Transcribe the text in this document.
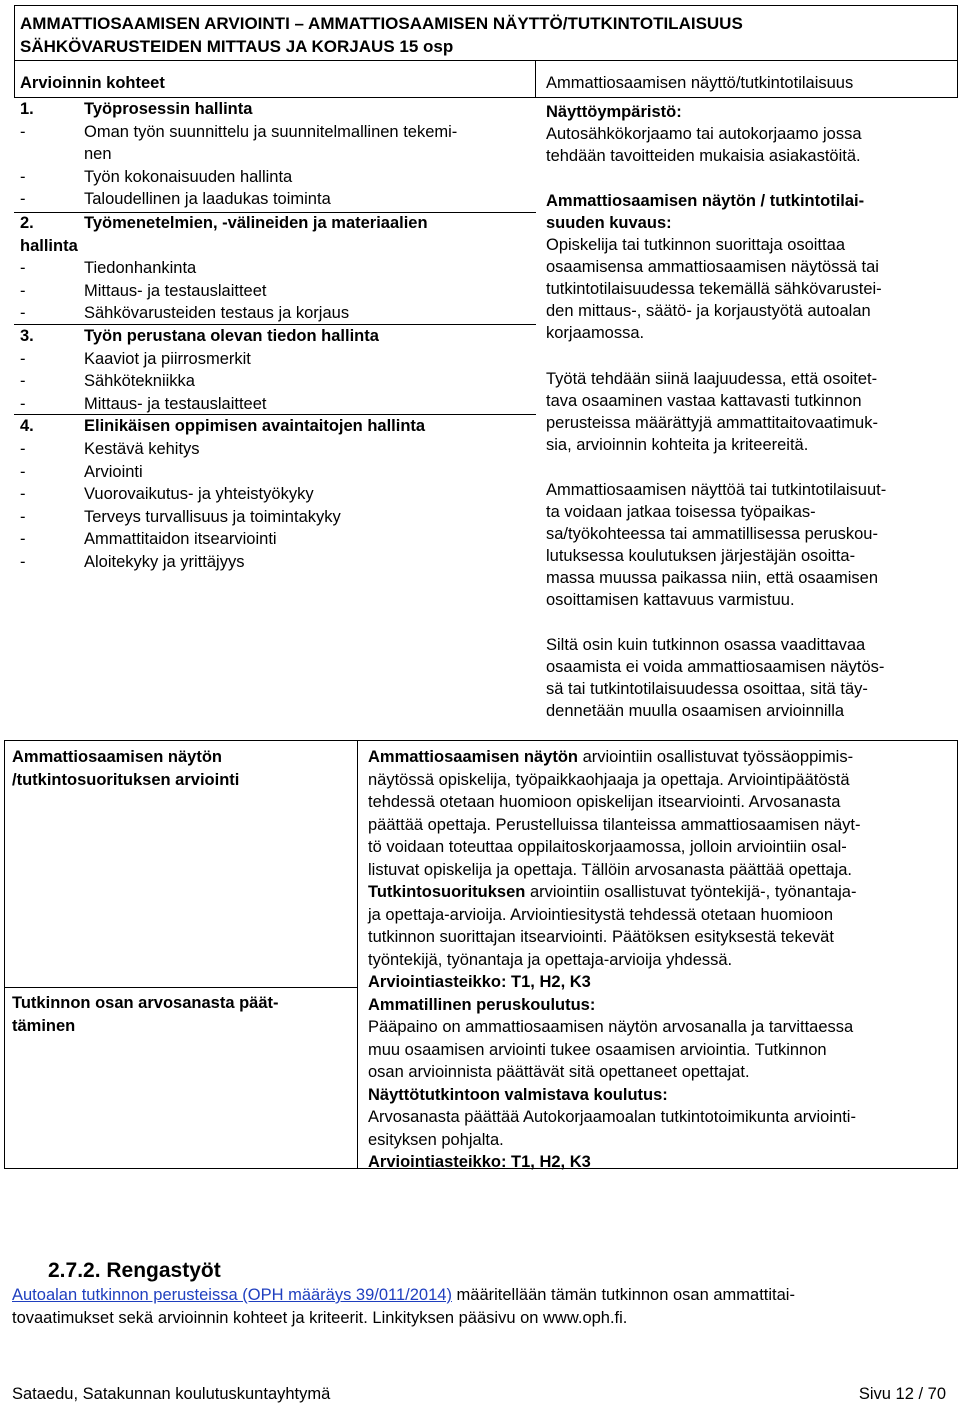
AMMATTIOSAAMISEN ARVIOINTI – AMMATTIOSAAMISEN NÄYTTÖ/TUTKINTOTILAISUUS
SÄHKÖVARUSTEIDEN MITTAUS JA KORJAUS 15 osp
Arvioinnin kohteet	Ammattiosaamisen näyttö/tutkintotilaisuus
1.	Työprosessin hallinta
-	Oman työn suunnittelu ja suunnitelmallinen tekemi-
nen
-	Työn kokonaisuuden hallinta
-	Taloudellinen ja laadukas toiminta
2.	Työmenetelmien, -välineiden ja materiaalien
hallinta
-	Tiedonhankinta
-	Mittaus- ja testauslaitteet
-	Sähkövarusteiden testaus ja korjaus
3.	Työn perustana olevan tiedon hallinta
-	Kaaviot ja piirrosmerkit
-	Sähkötekniikka
-	Mittaus- ja testauslaitteet
4.	Elinikäisen oppimisen avaintaitojen hallinta
-	Kestävä kehitys
-	Arviointi
-	Vuorovaikutus- ja yhteistyökyky
-	Terveys turvallisuus ja toimintakyky
-	Ammattitaidon itsearviointi
-	Aloitekyky ja yrittäjyys

Näyttöympäristö:

Autosähkökorjaamo tai autokorjaamo jossa

tehdään tavoitteiden mukaisia asiakastöitä.

Ammattiosaamisen näytön / tutkintotilai-

suuden kuvaus:

Opiskelija tai tutkinnon suorittaja osoittaa

osaamisensa ammattiosaamisen näytössä tai

tutkintotilaisuudessa tekemällä sähkövarustei-

den mittaus-, säätö- ja korjaustyötä autoalan

korjaamossa.

Työtä tehdään siinä laajuudessa, että osoitet-

tava osaaminen vastaa kattavasti tutkinnon

perusteissa määrättyjä ammattitaitovaatimuk-

sia, arvioinnin kohteita ja kriteereitä.

Ammattiosaamisen näyttöä tai tutkintotilaisuut-

ta voidaan jatkaa toisessa työpaikas-

sa/työkohteessa tai ammatillisessa peruskou-

lutuksessa koulutuksen järjestäjän osoitta-

massa muussa paikassa niin, että osaamisen

osoittamisen kattavuus varmistuu.

Siltä osin kuin tutkinnon osassa vaadittavaa

osaamista ei voida ammattiosaamisen näytös-

sä tai tutkintotilaisuudessa osoittaa, sitä täy-

dennetään muulla osaamisen arvioinnilla

Ammattiosaamisen näytön
/tutkintosuorituksen arviointi
Tutkinnon osan arvosanasta päät-
täminen

Ammattiosaamisen näytön arviointiin osallistuvat työssäoppimis-

näytössä opiskelija, työpaikkaohjaaja ja opettaja. Arviointipäätöstä

tehdessä otetaan huomioon opiskelijan itsearviointi. Arvosanasta

päättää opettaja. Perustelluissa tilanteissa ammattiosaamisen näyt-

tö voidaan toteuttaa oppilaitoskorjaamossa, jolloin arviointiin osal-

listuvat opiskelija ja opettaja. Tällöin arvosanasta päättää opettaja.

Tutkintosuorituksen arviointiin osallistuvat työntekijä-, työnantaja-

ja opettaja-arvioija. Arviointiesitystä tehdessä otetaan huomioon

tutkinnon suorittajan itsearviointi. Päätöksen esityksestä tekevät

työntekijä, työnantaja ja opettaja-arvioija yhdessä.

Arviointiasteikko: T1, H2, K3

Ammatillinen peruskoulutus:

Pääpaino on ammattiosaamisen näytön arvosanalla ja tarvittaessa

muu osaamisen arviointi tukee osaamisen arviointia. Tutkinnon

osan arvioinnista päättävät sitä opettaneet opettajat.

Näyttötutkintoon valmistava koulutus:

Arvosanasta päättää Autokorjaamoalan tutkintotoimikunta arviointi-

esityksen pohjalta.

Arviointiasteikko: T1, H2, K3

2.7.2. Rengastyöt
Autoalan tutkinnon perusteissa (OPH määräys 39/011/2014) määritellään tämän tutkinnon osan ammattitai-
tovaatimukset sekä arvioinnin kohteet ja kriteerit. Linkityksen pääsivu on www.oph.fi.
Sataedu, Satakunnan koulutuskuntayhtymä	Sivu 12 / 70
